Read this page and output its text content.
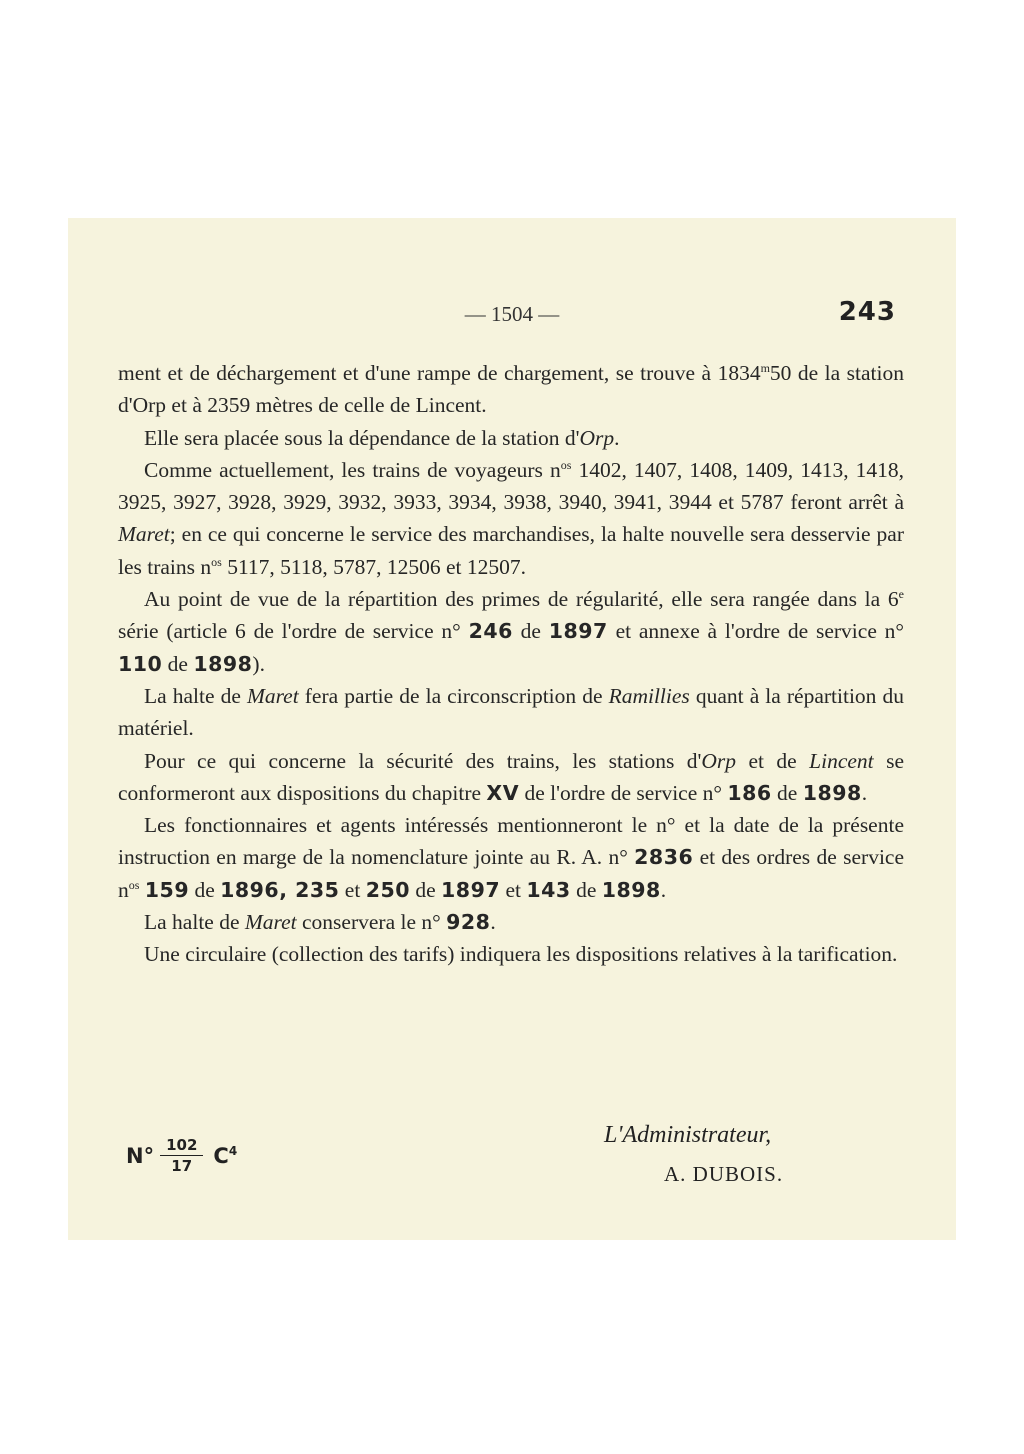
— 1504 —	243

ment et de déchargement et d'une rampe de chargement, se trouve à 1834$^m$50 de la station d'Orp et à 2359 mètres de celle de Lincent.

Elle sera placée sous la dépendance de la station d'Orp.

Comme actuellement, les trains de voyageurs $n^{os}$ 1402, 1407, 1408, 1409, 1413, 1418, 3925, 3927, 3928, 3929, 3932, 3933, 3934, 3938, 3940, 3941, 3944 et 5787 feront arrêt à Maret; en ce qui concerne le service des marchandises, la halte nouvelle sera desservie par les trains $n^{os}$ 5117, 5118, 5787, 12506 et 12507.

Au point de vue de la répartition des primes de régularité, elle sera rangée dans la 6e série (article 6 de l'ordre de service n° 246 de 1897 et annexe à l'ordre de service n° 110 de 1898).

La halte de Maret fera partie de la circonscription de Ramillies quant à la répartition du matériel.

Pour ce qui concerne la sécurité des trains, les stations d'Orp et de Lincent se conformeront aux dispositions du chapitre XV de l'ordre de service n° 186 de 1898.

Les fonctionnaires et agents intéressés mentionneront le n° et la date de la présente instruction en marge de la nomenclature jointe au R. A. n° 2836 et des ordres de service $n^{os}$ 159 de 1896, 235 et 250 de 1897 et 143 de 1898.

La halte de Maret conservera le n° 928.

Une circulaire (collection des tarifs) indiquera les dispositions relatives à la tarification.

$N^\circ \frac{102}{17} C^4$
L'Administrateur,
A. DUBOIS.
